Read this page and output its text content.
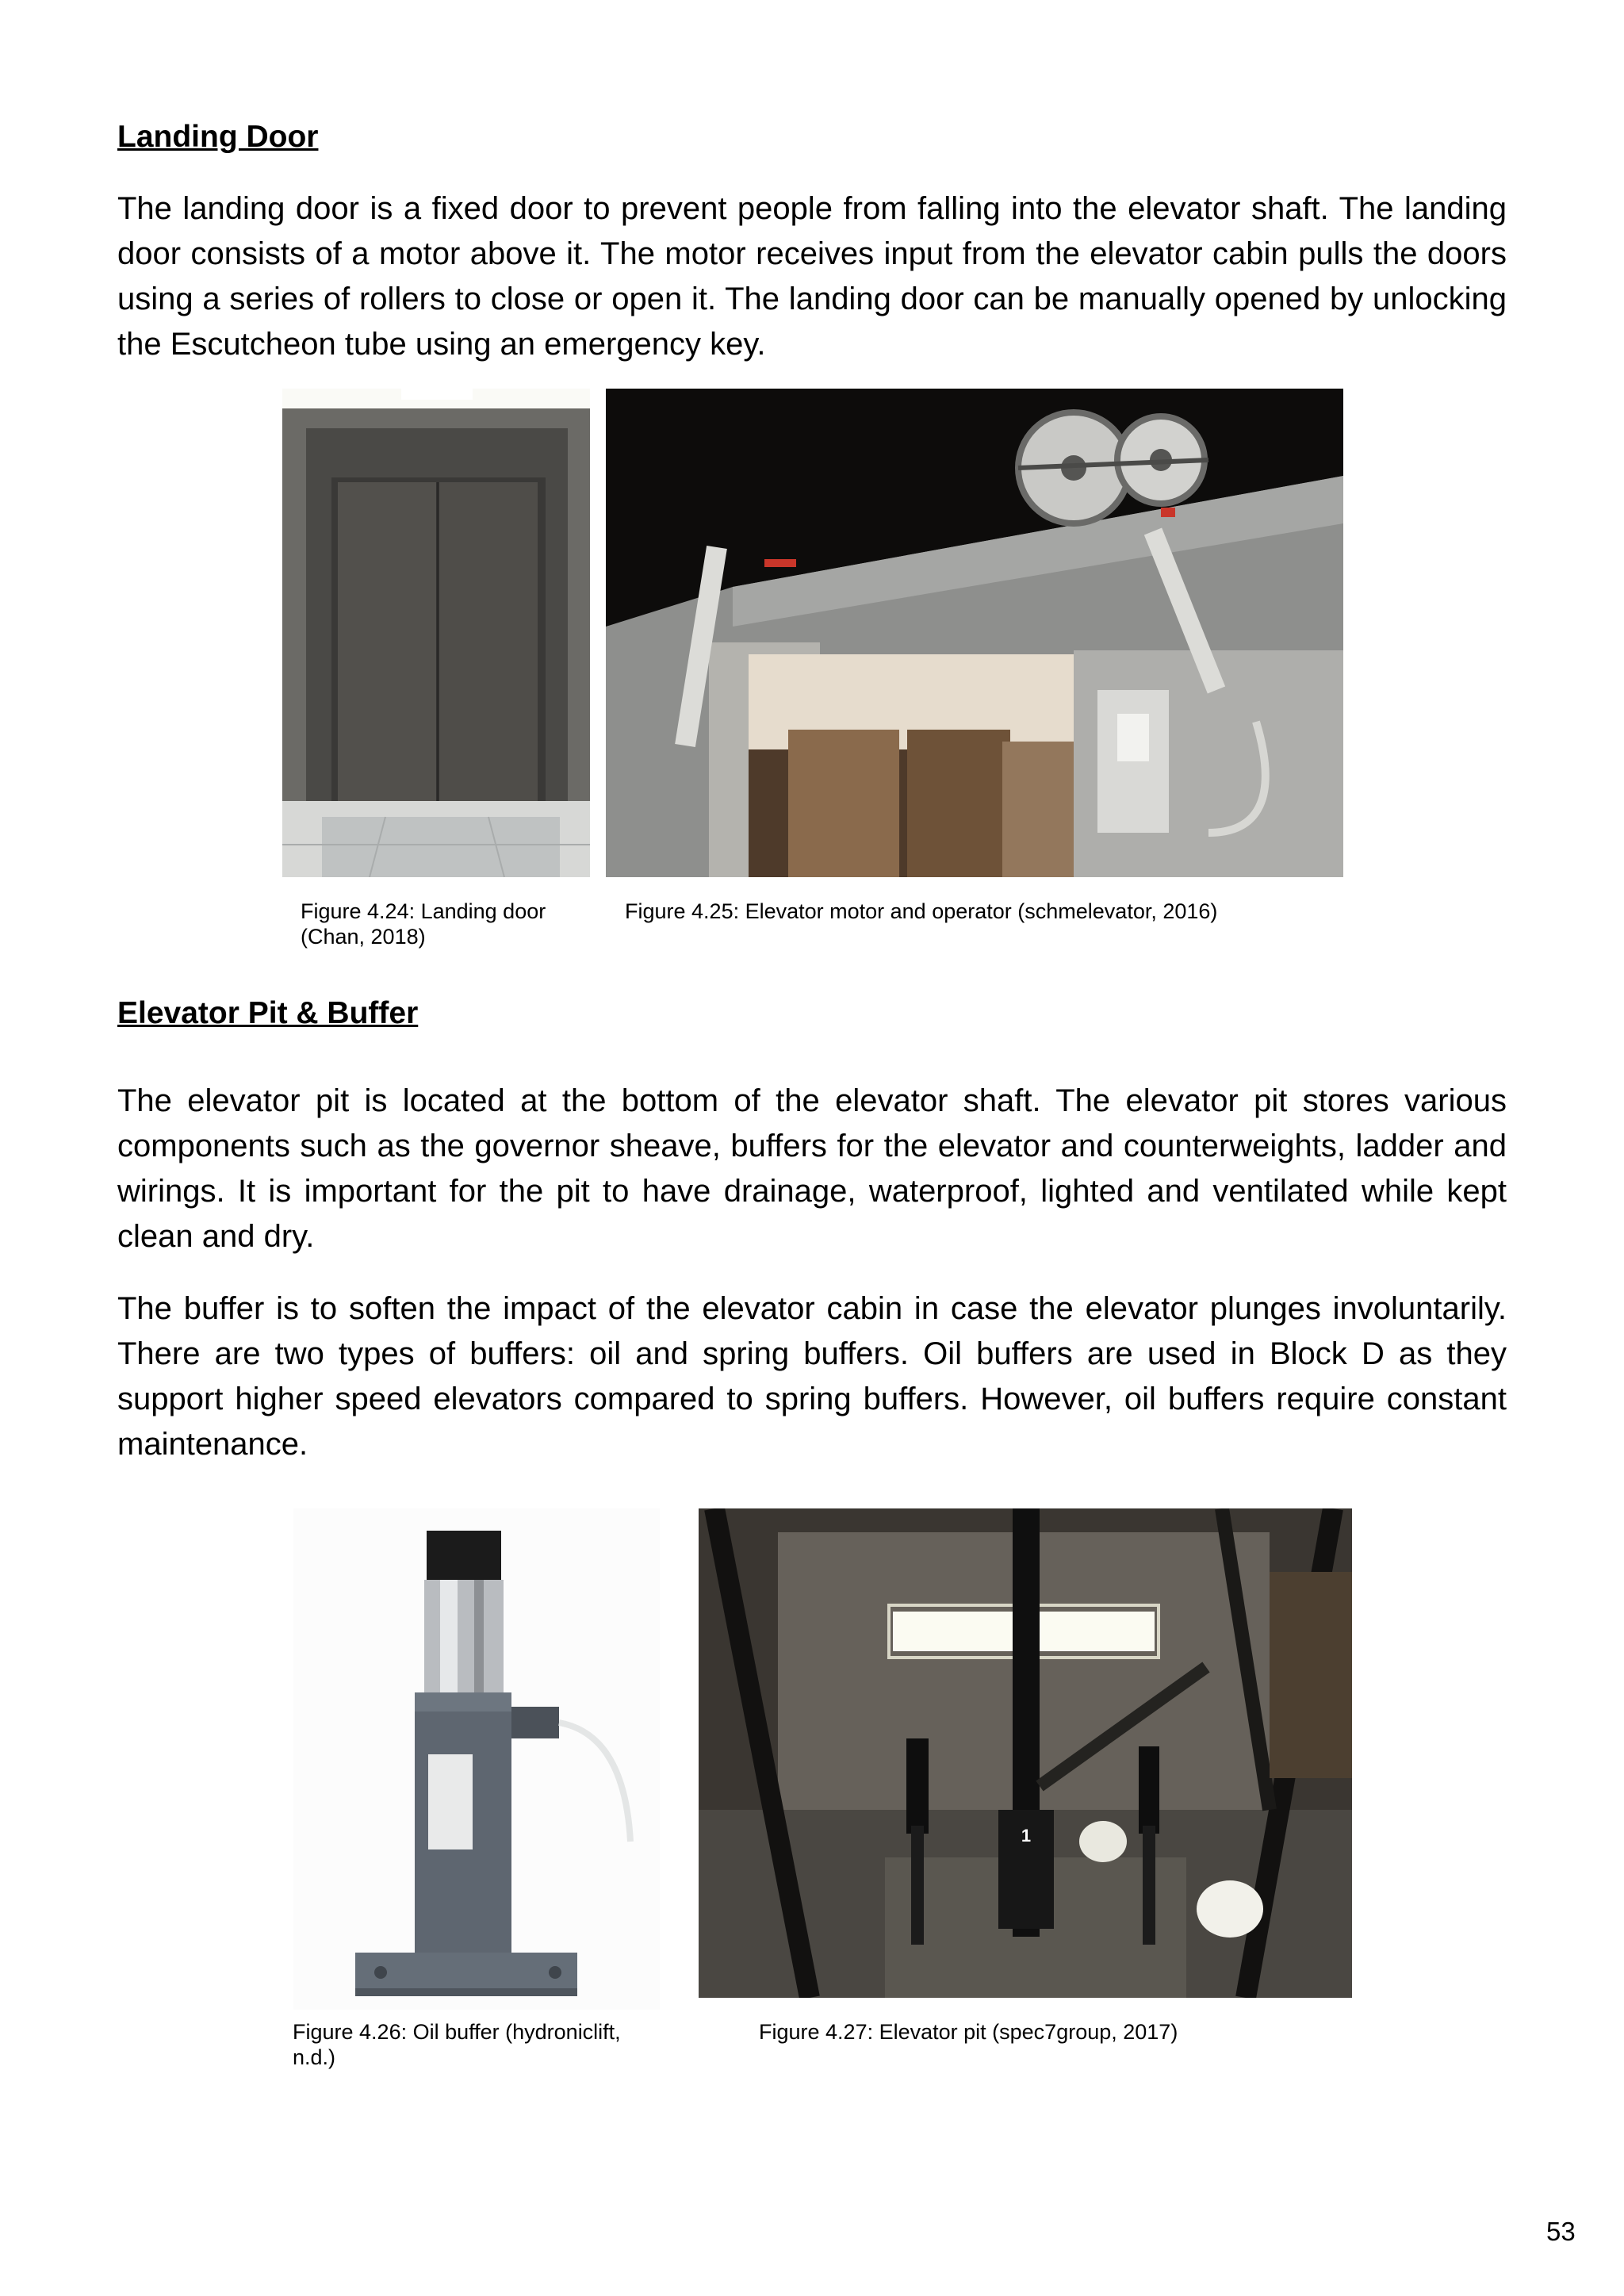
Landing Door

The landing door is a fixed door to prevent people from falling into the elevator shaft. The landing door consists of a motor above it. The motor receives input from the elevator cabin pulls the doors using a series of rollers to close or open it. The landing door can be manually opened by unlocking the Escutcheon tube using an emergency key.

Figure 4.24: Landing door
(Chan, 2018)
Figure 4.25: Elevator motor and operator (schmelevator, 2016)
Elevator Pit & Buffer

The elevator pit is located at the bottom of the elevator shaft. The elevator pit stores various components such as the governor sheave, buffers for the elevator and counterweights, ladder and wirings. It is important for the pit to have drainage, waterproof, lighted and ventilated while kept clean and dry.

The buffer is to soften the impact of the elevator cabin in case the elevator plunges involuntarily. There are two types of buffers: oil and spring buffers. Oil buffers are used in Block D as they support higher speed elevators compared to spring buffers. However, oil buffers require constant maintenance.

1
Figure 4.26: Oil buffer (hydroniclift,
n.d.)
Figure 4.27: Elevator pit (spec7group, 2017)
53
